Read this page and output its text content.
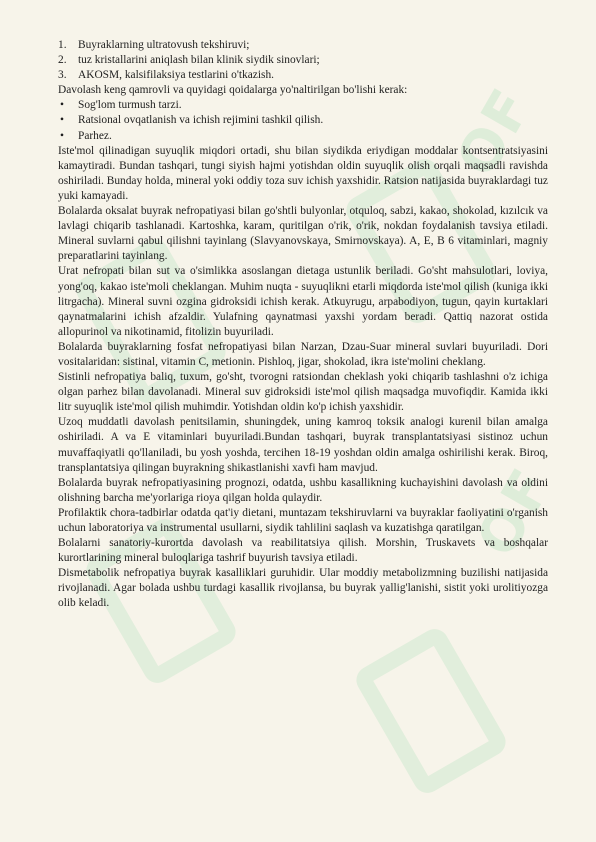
OF
OF
1.	Buyraklarning ultratovush tekshiruvi;
2.	tuz kristallarini aniqlash bilan klinik siydik sinovlari;
3.	AKOSM, kalsifilaksiya testlarini o'tkazish.

Davolash keng qamrovli va quyidagi qoidalarga yo'naltirilgan bo'lishi kerak:

•	Sog'lom turmush tarzi.
•	Ratsional ovqatlanish va ichish rejimini tashkil qilish.
•	Parhez.

Iste'mol qilinadigan suyuqlik miqdori ortadi, shu bilan siydikda eriydigan moddalar kontsentratsiyasini kamaytiradi. Bundan tashqari, tungi siyish hajmi yotishdan oldin suyuqlik olish orqali maqsadli ravishda oshiriladi. Bunday holda, mineral yoki oddiy toza suv ichish yaxshidir. Ratsion natijasida buyraklardagi tuz yuki kamayadi.

Bolalarda oksalat buyrak nefropatiyasi bilan go'shtli bulyonlar, otquloq, sabzi, kakao, shokolad, kızılcık va lavlagi chiqarib tashlanadi. Kartoshka, karam, quritilgan o'rik, o'rik, nokdan foydalanish tavsiya etiladi. Mineral suvlarni qabul qilishni tayinlang (Slavyanovskaya, Smirnovskaya). A, E, B 6 vitaminlari, magniy preparatlarini tayinlang.

Urat nefropati bilan sut va o'simlikka asoslangan dietaga ustunlik beriladi. Go'sht mahsulotlari, loviya, yong'oq, kakao iste'moli cheklangan. Muhim nuqta - suyuqlikni etarli miqdorda iste'mol qilish (kuniga ikki litrgacha). Mineral suvni ozgina gidroksidi ichish kerak. Atkuyrugu, arpabodiyon, tugun, qayin kurtaklari qaynatmalarini ichish afzaldir. Yulafning qaynatmasi yaxshi yordam beradi. Qattiq nazorat ostida allopurinol va nikotinamid, fitolizin buyuriladi.

Bolalarda buyraklarning fosfat nefropatiyasi bilan Narzan, Dzau-Suar mineral suvlari buyuriladi. Dori vositalaridan: sistinal, vitamin C, metionin. Pishloq, jigar, shokolad, ikra iste'molini cheklang.

Sistinli nefropatiya baliq, tuxum, go'sht, tvorogni ratsiondan cheklash yoki chiqarib tashlashni o'z ichiga olgan parhez bilan davolanadi. Mineral suv gidroksidi iste'mol qilish maqsadga muvofiqdir. Kamida ikki litr suyuqlik iste'mol qilish muhimdir. Yotishdan oldin ko'p ichish yaxshidir.

Uzoq muddatli davolash penitsilamin, shuningdek, uning kamroq toksik analogi kurenil bilan amalga oshiriladi. A va E vitaminlari buyuriladi.Bundan tashqari, buyrak transplantatsiyasi sistinoz uchun muvaffaqiyatli qo'llaniladi, bu yosh yoshda, tercihen 18-19 yoshdan oldin amalga oshirilishi kerak. Biroq, transplantatsiya qilingan buyrakning shikastlanishi xavfi ham mavjud.

Bolalarda buyrak nefropatiyasining prognozi, odatda, ushbu kasallikning kuchayishini davolash va oldini olishning barcha me'yorlariga rioya qilgan holda qulaydir.

Profilaktik chora-tadbirlar odatda qat'iy dietani, muntazam tekshiruvlarni va buyraklar faoliyatini o'rganish uchun laboratoriya va instrumental usullarni, siydik tahlilini saqlash va kuzatishga qaratilgan.

Bolalarni sanatoriy-kurortda davolash va reabilitatsiya qilish. Morshin, Truskavets va boshqalar kurortlarining mineral buloqlariga tashrif buyurish tavsiya etiladi.

Dismetabolik nefropatiya buyrak kasalliklari guruhidir. Ular moddiy metabolizmning buzilishi natijasida rivojlanadi. Agar bolada ushbu turdagi kasallik rivojlansa, bu buyrak yallig'lanishi, sistit yoki urolitiyozga olib keladi.
